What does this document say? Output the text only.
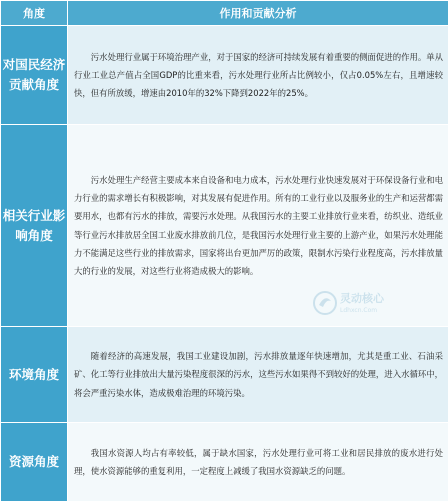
角度	作用和贡献分析
对国民经济贡献角度	污水处理行业属于环境治理产业，对于国家的经济可持续发展有着重要的侧面促进的作用。单从行业工业总产值占全国GDP的比重来看，污水处理行业所占比例较小，仅占0.05%左右，且增速较快，但有所放缓，增速由2010年的32%下降到2022年的25%。
相关行业影响角度	污水处理生产经营主要成本来自设备和电力成本，污水处理行业快速发展对于环保设备行业和电力行业的需求增长有积极影响，对其发展有促进作用。所有的工业行业以及服务业的生产和运营都需要用水，也都有污水的排放，需要污水处理。从我国污水的主要工业排放行业来看，纺织业、造纸业等行业污水排放居全国工业废水排放前几位，是我国污水处理行业主要的上游产业，如果污水处理能力不能满足这些行业的排放需求，国家将出台更加严厉的政策，限制水污染行业程度高，污水排放量大的行业的发展，对这些行业将造成极大的影响。
环境角度	随着经济的高速发展，我国工业建设加剧，污水排放量逐年快速增加，尤其是重工业、石油采矿、化工等行业排放出大量污染程度很深的污水，这些污水如果得不到较好的处理，进入水循环中，将会严重污染水体，造成极难治理的环境污染。
资源角度	我国水资源人均占有率较低，属于缺水国家，污水处理行业可将工业和居民排放的废水进行处理，使水资源能够的重复利用，一定程度上减缓了我国水资源缺乏的问题。
灵动核心
Ldhxcn.Com
